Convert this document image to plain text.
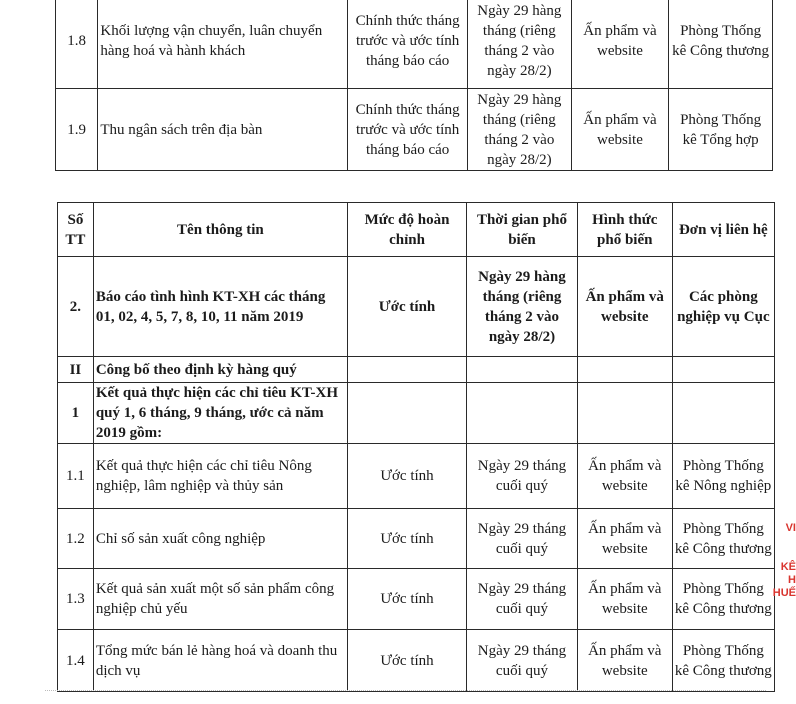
1.8	Khối lượng vận chuyển, luân chuyển hàng hoá và hành khách	Chính thức tháng trước và ước tính tháng báo cáo	Ngày 29 hàng tháng (riêng tháng 2 vào ngày 28/2)	Ấn phẩm và website	Phòng Thống kê Công thương
1.9	Thu ngân sách trên địa bàn	Chính thức tháng trước và ước tính tháng báo cáo	Ngày 29 hàng tháng (riêng tháng 2 vào ngày 28/2)	Ấn phẩm và website	Phòng Thống kê Tổng hợp
Số TT	Tên thông tin	Mức độ hoàn chỉnh	Thời gian phổ biến	Hình thức phổ biến	Đơn vị liên hệ
2.	Báo cáo tình hình KT-XH các tháng 01, 02, 4, 5, 7, 8, 10, 11 năm 2019	Ước tính	Ngày 29 hàng tháng (riêng tháng 2 vào ngày 28/2)	Ấn phẩm và website	Các phòng nghiệp vụ Cục
II	Công bố theo định kỳ hàng quý				
1	Kết quả thực hiện các chỉ tiêu KT-XH quý 1, 6 tháng, 9 tháng, ước cả năm 2019 gồm:				
1.1	Kết quả thực hiện các chỉ tiêu Nông nghiệp, lâm nghiệp và thủy sản	Ước tính	Ngày 29 tháng cuối quý	Ấn phẩm và website	Phòng Thống kê Nông nghiệp
1.2	Chỉ số sản xuất công nghiệp	Ước tính	Ngày 29 tháng cuối quý	Ấn phẩm và website	Phòng Thống kê Công thương
1.3	Kết quả sản xuất một số sản phẩm công nghiệp chủ yếu	Ước tính	Ngày 29 tháng cuối quý	Ấn phẩm và website	Phòng Thống kê Công thương
1.4	Tổng mức bán lẻ hàng hoá và doanh thu dịch vụ	Ước tính	Ngày 29 tháng cuối quý	Ấn phẩm và website	Phòng Thống kê Công thương
VI
KÊ
H
HUẾ
